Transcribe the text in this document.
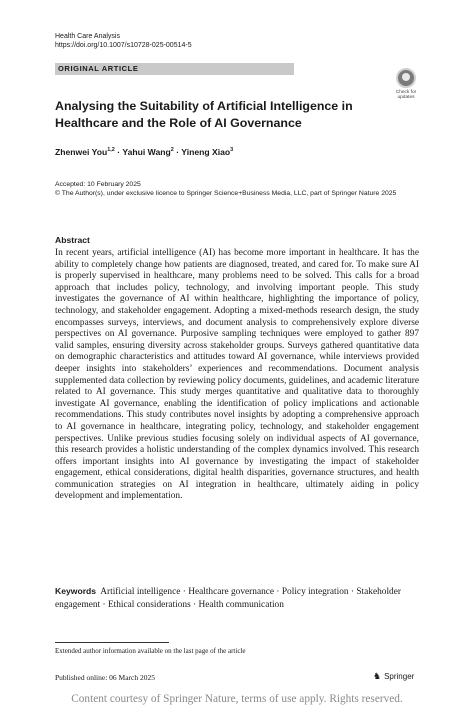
Health Care Analysis
https://doi.org/10.1007/s10728-025-00514-5
ORIGINAL ARTICLE
Check for
updates
Analysing the Suitability of Artificial Intelligence in Healthcare and the Role of AI Governance
Zhenwei You$^{1,2}$ · Yahui Wang$^2$ · Yineng Xiao$^3$
Accepted: 10 February 2025
© The Author(s), under exclusive licence to Springer Science+Business Media, LLC, part of Springer Nature 2025
Abstract
In recent years, artificial intelligence (AI) has become more important in healthcare. It has the ability to completely change how patients are diagnosed, treated, and cared for. To make sure AI is properly supervised in healthcare, many problems need to be solved. This calls for a broad approach that includes policy, technology, and involving important people. This study investigates the governance of AI within healthcare, highlighting the importance of policy, technology, and stakeholder engagement. Adopting a mixed-methods research design, the study encompasses surveys, interviews, and document analysis to comprehensively explore diverse perspectives on AI governance. Purposive sampling techniques were employed to gather 897 valid samples, ensuring diversity across stakeholder groups. Surveys gathered quantitative data on demographic characteristics and attitudes toward AI governance, while interviews provided deeper insights into stakeholders’ experiences and recommendations. Document analysis supplemented data collection by reviewing policy documents, guidelines, and academic literature related to AI governance. This study merges quantitative and qualitative data to thoroughly investigate AI governance, enabling the identification of policy implications and actionable recommendations. This study contributes novel insights by adopting a comprehensive approach to AI governance in healthcare, integrating policy, technology, and stakeholder engagement perspectives. Unlike previous studies focusing solely on individual aspects of AI governance, this research provides a holistic understanding of the complex dynamics involved. This research offers important insights into AI governance by investigating the impact of stakeholder engagement, ethical considerations, digital health disparities, governance structures, and health communication strategies on AI integration in healthcare, ultimately aiding in policy development and implementation.
Keywords Artificial intelligence · Healthcare governance · Policy integration · Stakeholder engagement · Ethical considerations · Health communication
Extended author information available on the last page of the article
Published online: 06 March 2025	♞ Springer
Content courtesy of Springer Nature, terms of use apply. Rights reserved.
